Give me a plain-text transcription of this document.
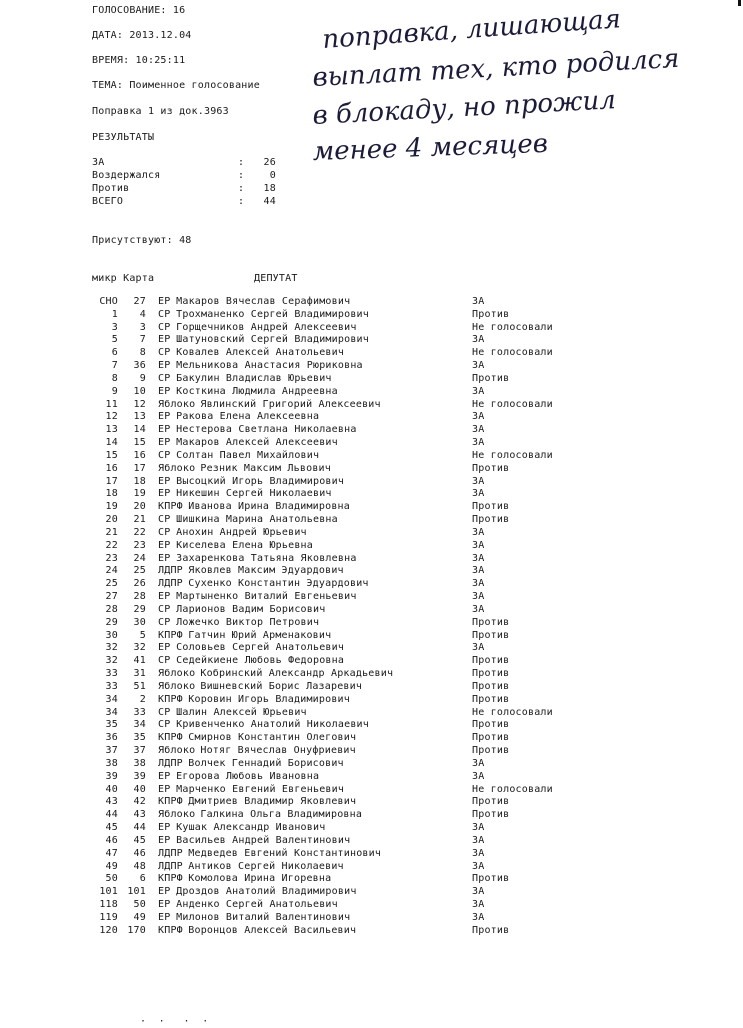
ГОЛОСОВАНИЕ: 16
ДАТА: 2013.12.04
ВРЕМЯ: 10:25:11
ТЕМА: Поименное голосование
Поправка 1 из док.3963
РЕЗУЛЬТАТЫ
ЗА	:	26
Воздержался	:	0
Против	:	18
ВСЕГО	:	44
Присутствуют: 48
микр Карта	ДЕПУТАТ
поправка, лишающая
выплат тех, кто родился
в блокаду, но прожил
менее 4 месяцев
СНО	27 ЕР Макаров Вячеслав Серафимович	ЗА
1	4 СР Трохманенко Сергей Владимирович	Против
3	3 СР Горщечников Андрей Алексеевич	Не голосовали
5	7 ЕР Шатуновский Сергей Владимирович	ЗА
6	8 СР Ковалев Алексей Анатольевич	Не голосовали
7	36 ЕР Мельникова Анастасия Рюриковна	ЗА
8	9 СР Бакулин Владислав Юрьевич	Против
9	10 ЕР Косткина Людмила Андреевна	ЗА
11	12 Яблоко Явлинский Григорий Алексеевич	Не голосовали
12	13 ЕР Ракова Елена Алексеевна	ЗА
13	14 ЕР Нестерова Светлана Николаевна	ЗА
14	15 ЕР Макаров Алексей Алексеевич	ЗА
15	16 СР Солтан Павел Михайлович	Не голосовали
16	17 Яблоко Резник Максим Львович	Против
17	18 ЕР Высоцкий Игорь Владимирович	ЗА
18	19 ЕР Никешин Сергей Николаевич	ЗА
19	20 КПРФ Иванова Ирина Владимировна	Против
20	21 СР Шишкина Марина Анатольевна	Против
21	22 СР Анохин Андрей Юрьевич	ЗА
22	23 ЕР Киселева Елена Юрьевна	ЗА
23	24 ЕР Захаренкова Татьяна Яковлевна	ЗА
24	25 ЛДПР Яковлев Максим Эдуардович	ЗА
25	26 ЛДПР Сухенко Константин Эдуардович	ЗА
27	28 ЕР Мартыненко Виталий Евгеньевич	ЗА
28	29 СР Ларионов Вадим Борисович	ЗА
29	30 СР Ложечко Виктор Петрович	Против
30	5 КПРФ Гатчин Юрий Арменакович	Против
32	32 ЕР Соловьев Сергей Анатольевич	ЗА
32	41 СР Седейкиене Любовь Федоровна	Против
33	31 Яблоко Кобринский Александр Аркадьевич	Против
33	51 Яблоко Вишневский Борис Лазаревич	Против
34	2 КПРФ Коровин Игорь Владимирович	Против
34	33 СР Шалин Алексей Юрьевич	Не голосовали
35	34 СР Кривенченко Анатолий Николаевич	Против
36	35 КПРФ Смирнов Константин Олегович	Против
37	37 Яблоко Нотяг Вячеслав Онуфриевич	Против
38	38 ЛДПР Волчек Геннадий Борисович	ЗА
39	39 ЕР Егорова Любовь Ивановна	ЗА
40	40 ЕР Марченко Евгений Евгеньевич	Не голосовали
43	42 КПРФ Дмитриев Владимир Яковлевич	Против
44	43 Яблоко Галкина Ольга Владимировна	Против
45	44 ЕР Кушак Александр Иванович	ЗА
46	45 ЕР Васильев Андрей Валентинович	ЗА
47	46 ЛДПР Медведев Евгений Константинович	ЗА
49	48 ЛДПР Антиков Сергей Николаевич	ЗА
50	6 КПРФ Комолова Ирина Игоревна	Против
101 101 ЕР Дроздов Анатолий Владимирович	ЗА
118	50 ЕР Анденко Сергей Анатольевич	ЗА
119	49 ЕР Милонов Виталий Валентинович	ЗА
120 170 КПРФ Воронцов Алексей Васильевич	Против
·  ·   ·  ·
